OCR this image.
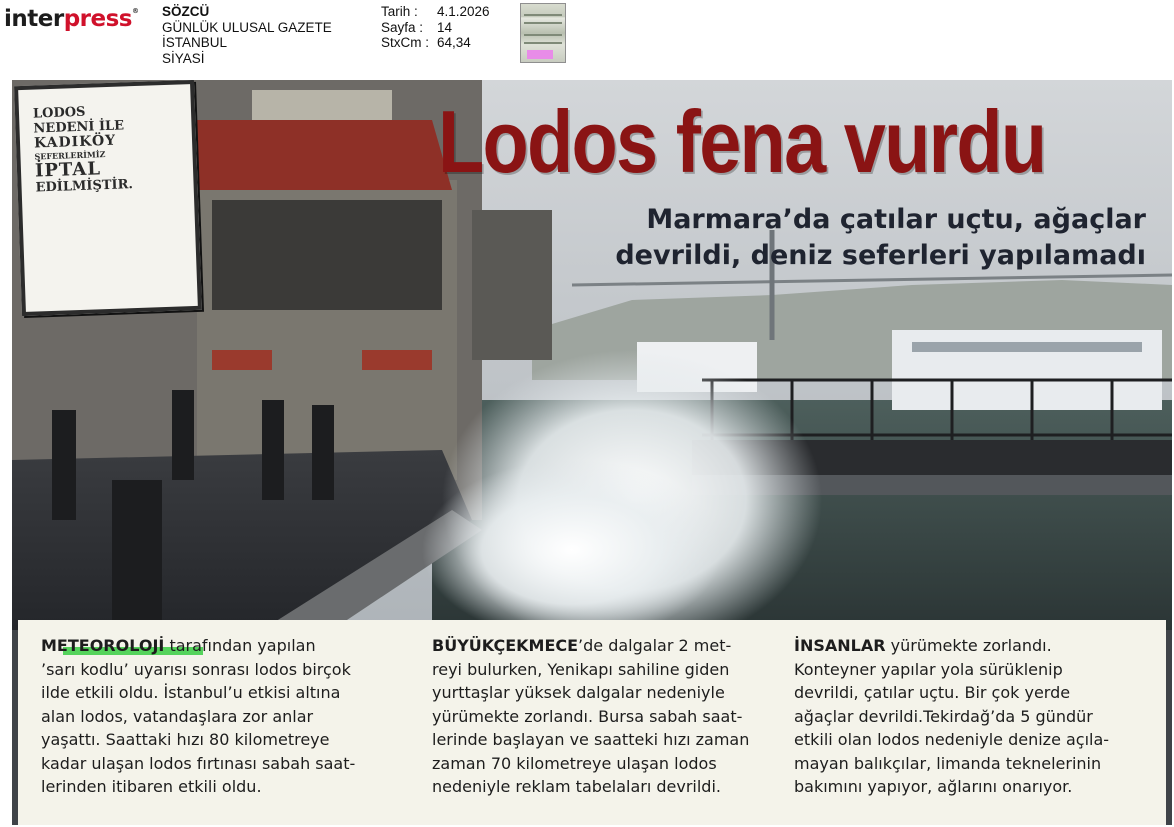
interpress® SÖZCÜ
GÜNLÜK ULUSAL GAZETE
İSTANBUL
SİYASİ
Tarih :	4.1.2026
Sayfa :	14
StxCm : 64,34
LODOS
NEDENİ İLE
KADIKÖY
SEFERLERİMİZ
İPTAL
EDİLMİŞTİR.	Lodos fena vurdu
Marmara’da çatılar uçtu, ağaçlar
devrildi, deniz seferleri yapılamadı
METEOROLOJİ tarafından yapılan
’sarı kodlu’ uyarısı sonrası lodos birçok
ilde etkili oldu. İstanbul’u etkisi altına
alan lodos, vatandaşlara zor anlar
yaşattı. Saattaki hızı 80 kilometreye
kadar ulaşan lodos fırtınası sabah saat-
lerinden itibaren etkili oldu.
BÜYÜKÇEKMECE’de dalgalar 2 met-
reyi bulurken, Yenikapı sahiline giden
yurttaşlar yüksek dalgalar nedeniyle
yürümekte zorlandı. Bursa sabah saat-
lerinde başlayan ve saatteki hızı zaman
zaman 70 kilometreye ulaşan lodos
nedeniyle reklam tabelaları devrildi.
İNSANLAR yürümekte zorlandı.
Konteyner yapılar yola sürüklenip
devrildi, çatılar uçtu. Bir çok yerde
ağaçlar devrildi.Tekirdağ’da 5 gündür
etkili olan lodos nedeniyle denize açıla-
mayan balıkçılar, limanda teknelerinin
bakımını yapıyor, ağlarını onarıyor.
